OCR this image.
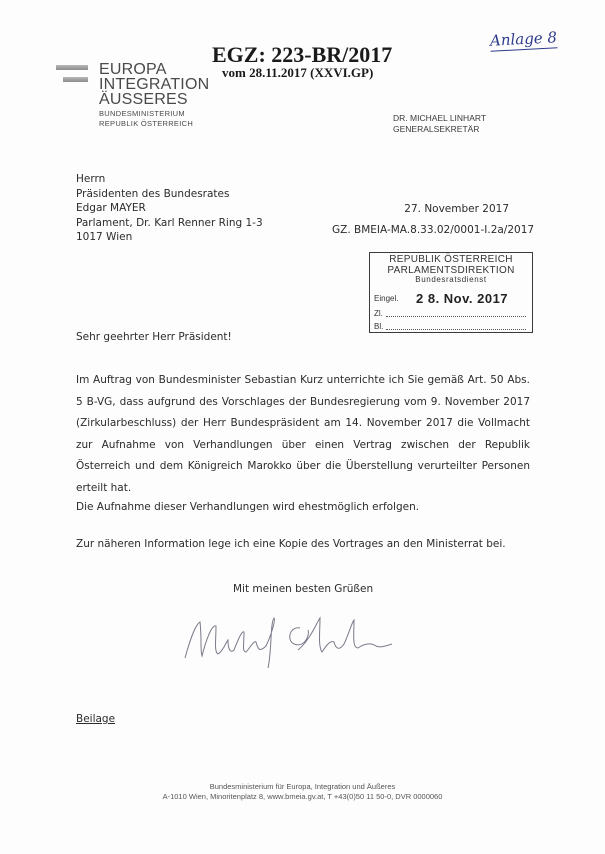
EUROPA
INTEGRATION
ÄUSSERES
BUNDESMINISTERIUM
REPUBLIK ÖSTERREICH
EGZ: 223-BR/2017
vom 28.11.2017 (XXVI.GP)
Anlage 8
DR. MICHAEL LINHART
GENERALSEKRETÄR
Herrn
Präsidenten des Bundesrates
Edgar MAYER
Parlament, Dr. Karl Renner Ring 1-3
1017 Wien
27. November 2017
GZ. BMEIA-MA.8.33.02/0001-I.2a/2017
REPUBLIK ÖSTERREICH
PARLAMENTSDIREKTION
Bundesratsdienst
Eingel. 2 8. Nov. 2017
Zl.
Bl.
Sehr geehrter Herr Präsident!
Im Auftrag von Bundesminister Sebastian Kurz unterrichte ich Sie gemäß Art. 50 Abs. 5 B-VG, dass aufgrund des Vorschlages der Bundesregierung vom 9. November 2017 (Zirkularbeschluss) der Herr Bundespräsident am 14. November 2017 die Vollmacht zur Aufnahme von Verhandlungen über einen Vertrag zwischen der Republik Österreich und dem Königreich Marokko über die Überstellung verurteilter Personen erteilt hat.
Die Aufnahme dieser Verhandlungen wird ehestmöglich erfolgen.
Zur näheren Information lege ich eine Kopie des Vortrages an den Ministerrat bei.
Mit meinen besten Grüßen
Beilage
Bundesministerium für Europa, Integration und Äußeres
A-1010 Wien, Minoritenplatz 8, www.bmeia.gv.at, T +43(0)50 11 50-0, DVR 0000060
